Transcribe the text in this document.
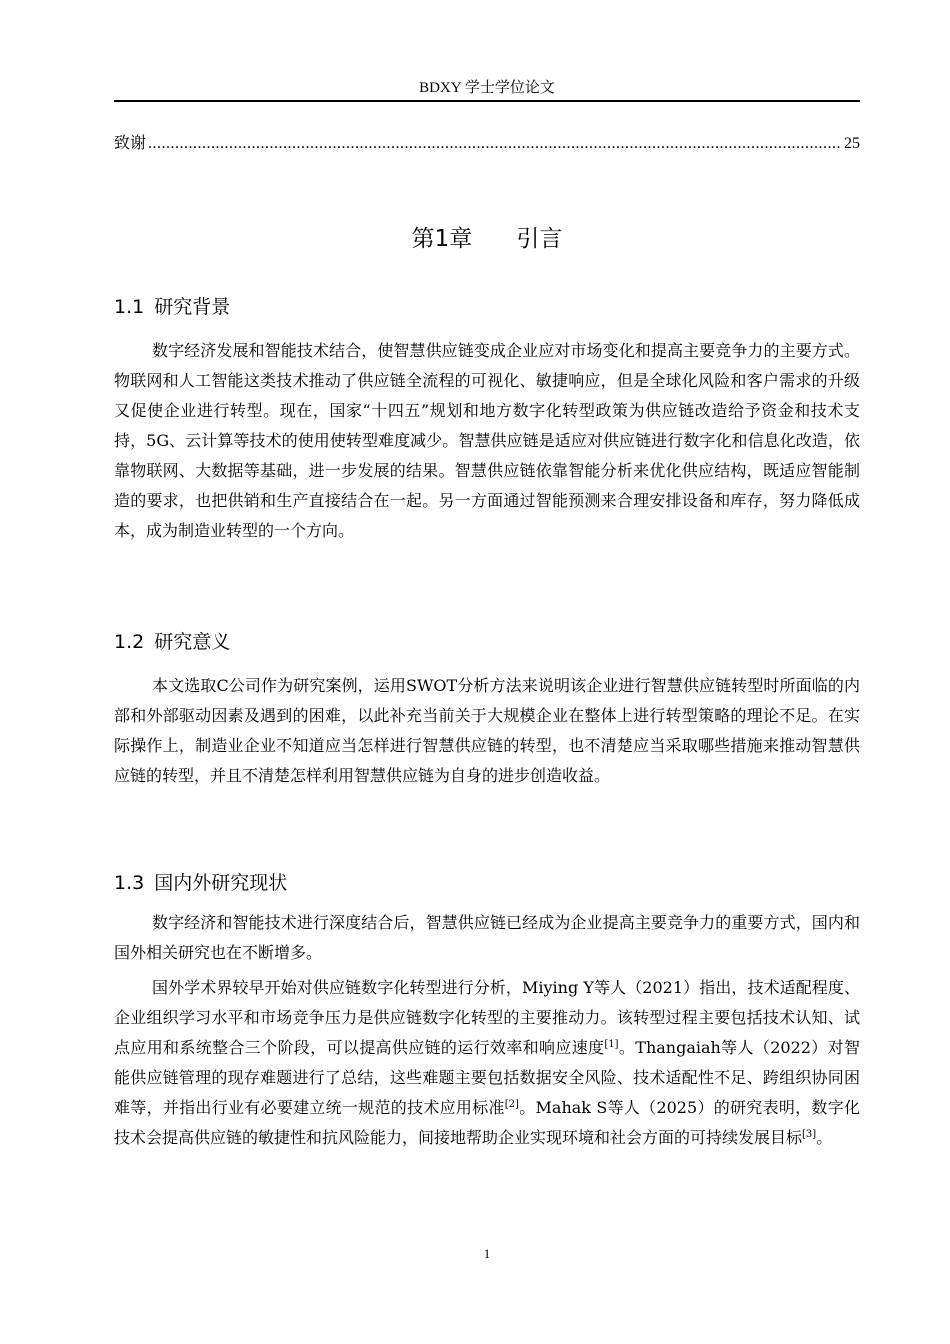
BDXY 学士学位论文
致谢
.....	25
第1章 引言
1.1 研究背景

数字经济发展和智能技术结合，使智慧供应链变成企业应对市场变化和提高主要竞争力的主要方式。物联网和人工智能这类技术推动了供应链全流程的可视化、敏捷响应，但是全球化风险和客户需求的升级又促使企业进行转型。现在，国家“十四五”规划和地方数字化转型政策为供应链改造给予资金和技术支持，5G、云计算等技术的使用使转型难度减少。智慧供应链是适应对供应链进行数字化和信息化改造，依靠物联网、大数据等基础，进一步发展的结果。智慧供应链依靠智能分析来优化供应结构，既适应智能制造的要求，也把供销和生产直接结合在一起。另一方面通过智能预测来合理安排设备和库存，努力降低成本，成为制造业转型的一个方向。

1.2 研究意义

本文选取C公司作为研究案例，运用SWOT分析方法来说明该企业进行智慧供应链转型时所面临的内部和外部驱动因素及遇到的困难，以此补充当前关于大规模企业在整体上进行转型策略的理论不足。在实际操作上，制造业企业不知道应当怎样进行智慧供应链的转型，也不清楚应当采取哪些措施来推动智慧供应链的转型，并且不清楚怎样利用智慧供应链为自身的进步创造收益。

1.3 国内外研究现状

数字经济和智能技术进行深度结合后，智慧供应链已经成为企业提高主要竞争力的重要方式，国内和国外相关研究也在不断增多。

国外学术界较早开始对供应链数字化转型进行分析，Miying Y等人（2021）指出，技术适配程度、企业组织学习水平和市场竞争压力是供应链数字化转型的主要推动力。该转型过程主要包括技术认知、试点应用和系统整合三个阶段，可以提高供应链的运行效率和响应速度[1]。Thangaiah等人（2022）对智能供应链管理的现存难题进行了总结，这些难题主要包括数据安全风险、技术适配性不足、跨组织协同困难等，并指出行业有必要建立统一规范的技术应用标准[2]。Mahak S等人（2025）的研究表明，数字化技术会提高供应链的敏捷性和抗风险能力，间接地帮助企业实现环境和社会方面的可持续发展目标[3]。

1
